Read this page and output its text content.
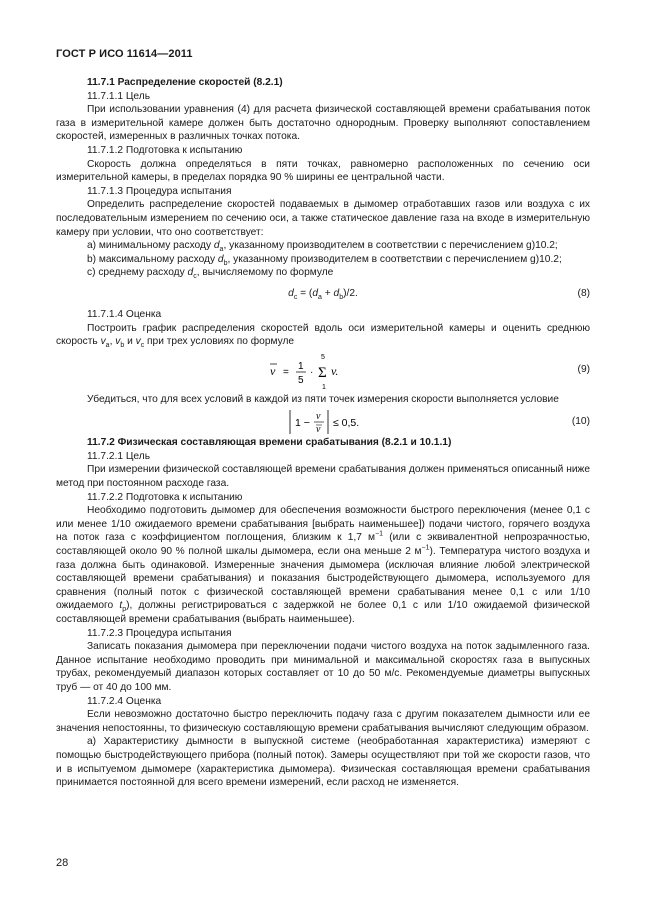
ГОСТ Р ИСО 11614—2011

11.7.1 Распределение скоростей (8.2.1)

11.7.1.1 Цель

При использовании уравнения (4) для расчета физической составляющей времени срабатывания поток газа в измерительной камере должен быть достаточно однородным. Проверку выполняют сопоставлением скоростей, измеренных в различных точках потока.

11.7.1.2 Подготовка к испытанию

Скорость должна определяться в пяти точках, равномерно расположенных по сечению оси измерительной камеры, в пределах порядка 90 % ширины ее центральной части.

11.7.1.3 Процедура испытания

Определить распределение скоростей подаваемых в дымомер отработавших газов или воздуха с их последовательным измерением по сечению оси, а также статическое давление газа на входе в измерительную камеру при условии, что оно соответствует:

а) минимальному расходу $d_a$, указанному производителем в соответствии с перечислением g)10.2;

b) максимальному расходу $d_b$, указанному производителем в соответствии с перечислением g)10.2;

с) среднему расходу $d_c$, вычисляемому по формуле

$d_c = (d_a + d_b)/2$.	(8)

11.7.1.4 Оценка

Построить график распределения скоростей вдоль оси измерительной камеры и оценить среднюю скорость $v_a$, $v_b$ и $v_c$ при трех условиях по формуле

v =
1
5
·
5
Σ
1
v.	(9)

Убедиться, что для всех условий в каждой из пяти точек измерения скорости выполняется условие

1 −
v
v
≤ 0,5.	(10)

11.7.2 Физическая составляющая времени срабатывания (8.2.1 и 10.1.1)

11.7.2.1 Цель

При измерении физической составляющей времени срабатывания должен применяться описанный ниже метод при постоянном расходе газа.

11.7.2.2 Подготовка к испытанию

Необходимо подготовить дымомер для обеспечения возможности быстрого переключения (менее 0,1 с или менее 1/10 ожидаемого времени срабатывания [выбрать наименьшее]) подачи чистого, горячего воздуха на поток газа с коэффициентом поглощения, близким к 1,7 $м^{-1}$ (или с эквивалентной непрозрачностью, составляющей около 90 % полной шкалы дымомера, если она меньше 2 $м^{-1}$). Температура чистого воздуха и газа должна быть одинаковой. Измеренные значения дымомера (исключая влияние любой электрической составляющей времени срабатывания) и показания быстродействующего дымомера, используемого для сравнения (полный поток с физической составляющей времени срабатывания менее 0,1 с или 1/10 ожидаемого $t_p$), должны регистрироваться с задержкой не более 0,1 с или 1/10 ожидаемой физической составляющей времени срабатывания (выбрать наименьшее).

11.7.2.3 Процедура испытания

Записать показания дымомера при переключении подачи чистого воздуха на поток задымленного газа. Данное испытание необходимо проводить при минимальной и максимальной скоростях газа в выпускных трубах, рекомендуемый диапазон которых составляет от 10 до 50 м/с. Рекомендуемые диаметры выпускных труб — от 40 до 100 мм.

11.7.2.4 Оценка

Если невозможно достаточно быстро переключить подачу газа с другим показателем дымности или ее значения непостоянны, то физическую составляющую времени срабатывания вычисляют следующим образом.

а) Характеристику дымности в выпускной системе (необработанная характеристика) измеряют с помощью быстродействующего прибора (полный поток). Замеры осуществляют при той же скорости газов, что и в испытуемом дымомере (характеристика дымомера). Физическая составляющая времени срабатывания принимается постоянной для всего времени измерений, если расход не изменяется.

28
